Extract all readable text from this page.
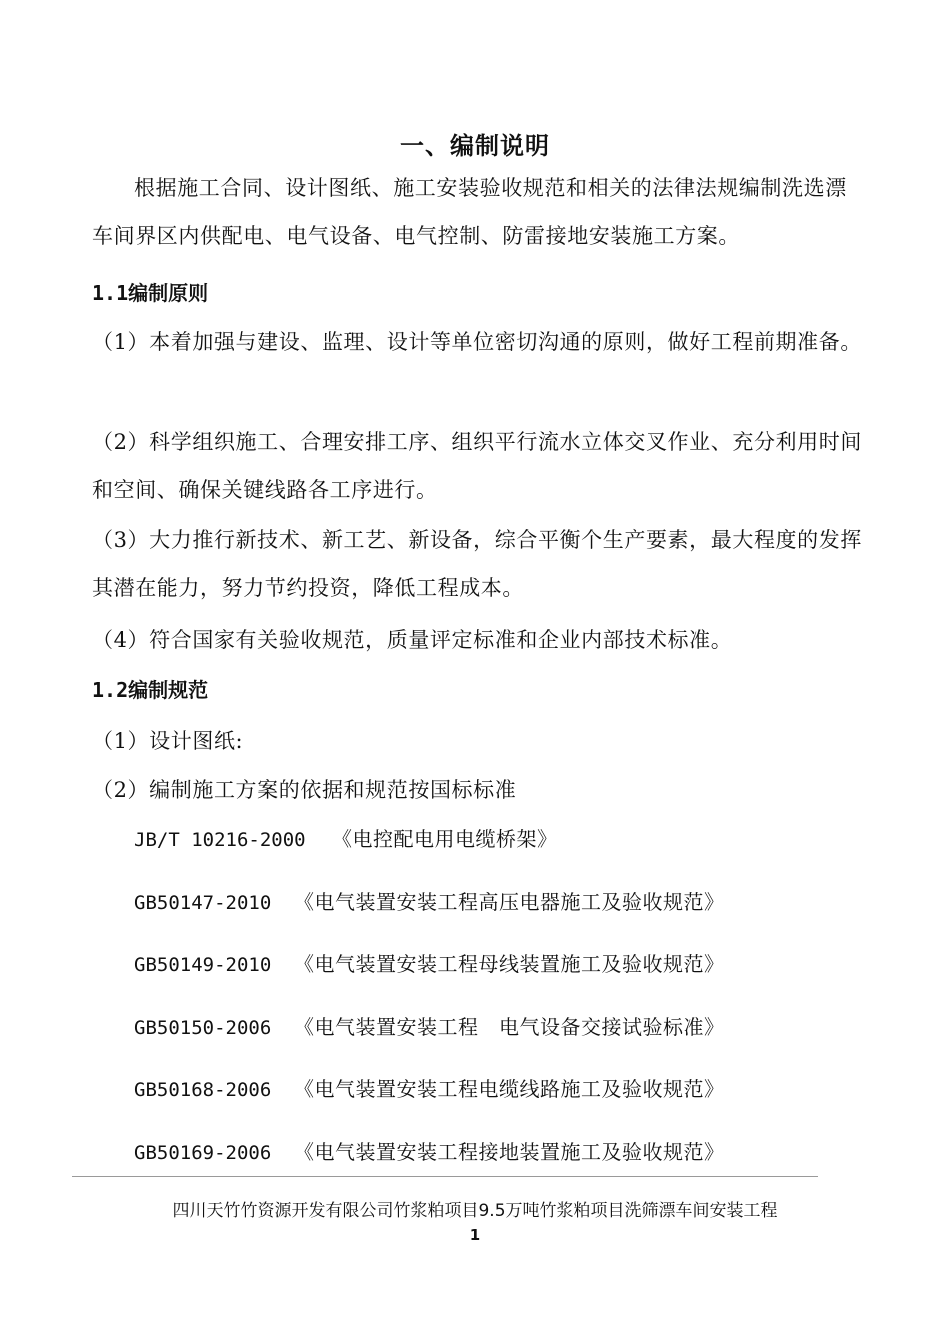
一、编制说明

根据施工合同、设计图纸、施工安装验收规范和相关的法律法规编制洗选漂车间界区内供配电、电气设备、电气控制、防雷接地安装施工方案。

1.1编制原则

（1）本着加强与建设、监理、设计等单位密切沟通的原则，做好工程前期准备。

（2）科学组织施工、合理安排工序、组织平行流水立体交叉作业、充分利用时间和空间、确保关键线路各工序进行。

（3）大力推行新技术、新工艺、新设备，综合平衡个生产要素，最大程度的发挥其潜在能力，努力节约投资，降低工程成本。

（4）符合国家有关验收规范，质量评定标准和企业内部技术标准。

1.2编制规范
（1）设计图纸:
（2）编制施工方案的依据和规范按国标标准
JB/T 10216-2000 《电控配电用电缆桥架》
GB50147-2010 《电气装置安装工程高压电器施工及验收规范》
GB50149-2010 《电气装置安装工程母线装置施工及验收规范》
GB50150-2006 《电气装置安装工程　电气设备交接试验标准》
GB50168-2006 《电气装置安装工程电缆线路施工及验收规范》
GB50169-2006 《电气装置安装工程接地装置施工及验收规范》
四川天竹竹资源开发有限公司竹浆粕项目9.5万吨竹浆粕项目洗筛漂车间安装工程
1
